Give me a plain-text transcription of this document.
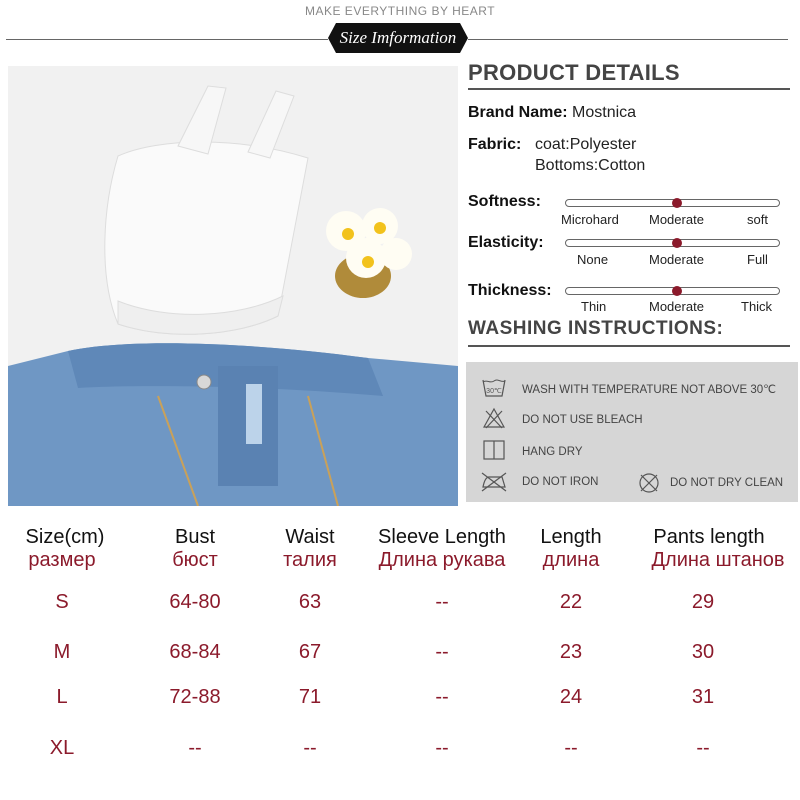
MAKE EVERYTHING BY HEART
Size Imformation
PRODUCT DETAILS
Brand Name: Mostnica
Fabric: coat:Polyester
Bottoms:Cotton
Softness:
Microhard Moderate	soft
Elasticity:
None	Moderate	Full
Thickness:
Thin	Moderate	Thick
WASHING INSTRUCTIONS:
30℃ WASH WITH TEMPERATURE NOT ABOVE 30℃
DO NOT USE BLEACH
HANG DRY
DO NOT IRON	DO NOT DRY CLEAN
Size(cm)
размер
Bust
бюст
Waist
талия
Sleeve Length
Длина рукава
Length
длина
Pants length
Длина штанов
S	64-80	63	--	22	29
M	68-84	67	--	23	30
L	72-88	71	--	24	31
XL	--	--	--	--	--
